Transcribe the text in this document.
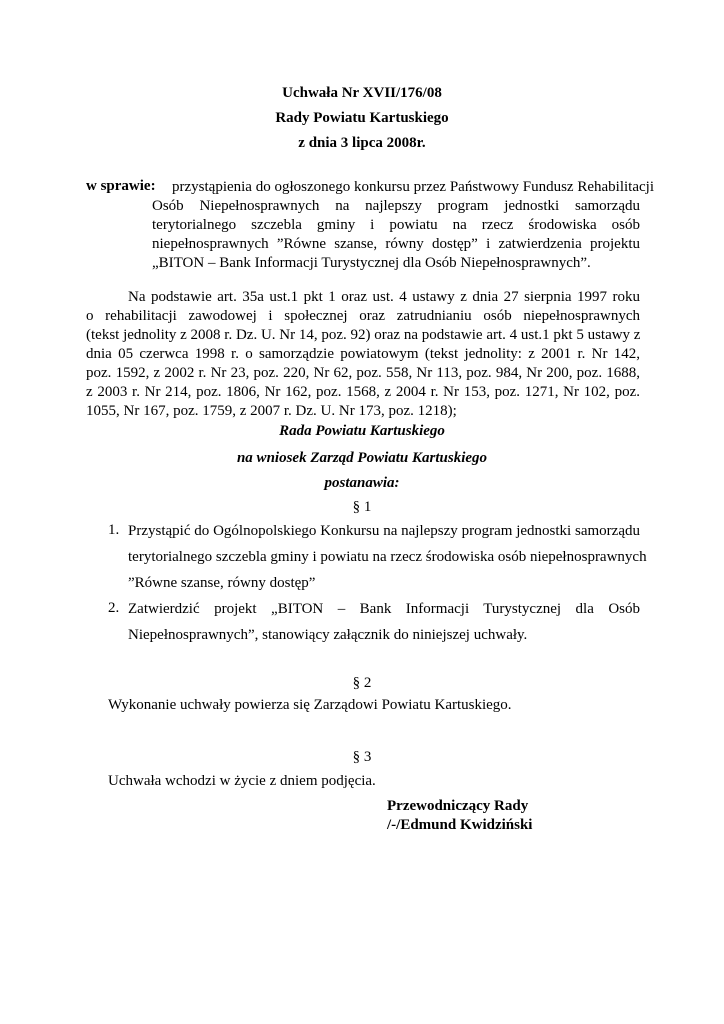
Uchwała Nr XVII/176/08
Rady Powiatu Kartuskiego
z dnia 3 lipca 2008r.
w sprawie: przystąpienia do ogłoszonego konkursu przez Państwowy Fundusz Rehabilitacji
Osób Niepełnosprawnych na najlepszy program jednostki samorządu
terytorialnego szczebla gminy i powiatu na rzecz środowiska osób
niepełnosprawnych ”Równe szanse, równy dostęp” i zatwierdzenia projektu
„BITON – Bank Informacji Turystycznej dla Osób Niepełnosprawnych”.
Na podstawie art. 35a ust.1 pkt 1 oraz ust. 4 ustawy z dnia 27 sierpnia 1997 roku
o rehabilitacji zawodowej i społecznej oraz zatrudnianiu osób niepełnosprawnych
(tekst jednolity z 2008 r. Dz. U. Nr 14, poz. 92) oraz na podstawie art. 4 ust.1 pkt 5 ustawy z
dnia 05 czerwca 1998 r. o samorządzie powiatowym (tekst jednolity: z 2001 r. Nr 142,
poz. 1592, z 2002 r. Nr 23, poz. 220, Nr 62, poz. 558, Nr 113, poz. 984, Nr 200, poz. 1688,
z 2003 r. Nr 214, poz. 1806, Nr 162, poz. 1568, z 2004 r. Nr 153, poz. 1271, Nr 102, poz.
1055, Nr 167, poz. 1759, z 2007 r. Dz. U. Nr 173, poz. 1218);
Rada Powiatu Kartuskiego
na wniosek Zarząd Powiatu Kartuskiego
postanawia:
§ 1
1. Przystąpić do Ogólnopolskiego Konkursu na najlepszy program jednostki samorządu
terytorialnego szczebla gminy i powiatu na rzecz środowiska osób niepełnosprawnych
”Równe szanse, równy dostęp”
2. Zatwierdzić projekt „BITON – Bank Informacji Turystycznej dla Osób
Niepełnosprawnych”, stanowiący załącznik do niniejszej uchwały.
§ 2
Wykonanie uchwały powierza się Zarządowi Powiatu Kartuskiego.
§ 3
Uchwała wchodzi w życie z dniem podjęcia.
Przewodniczący Rady
/-/Edmund Kwidziński
